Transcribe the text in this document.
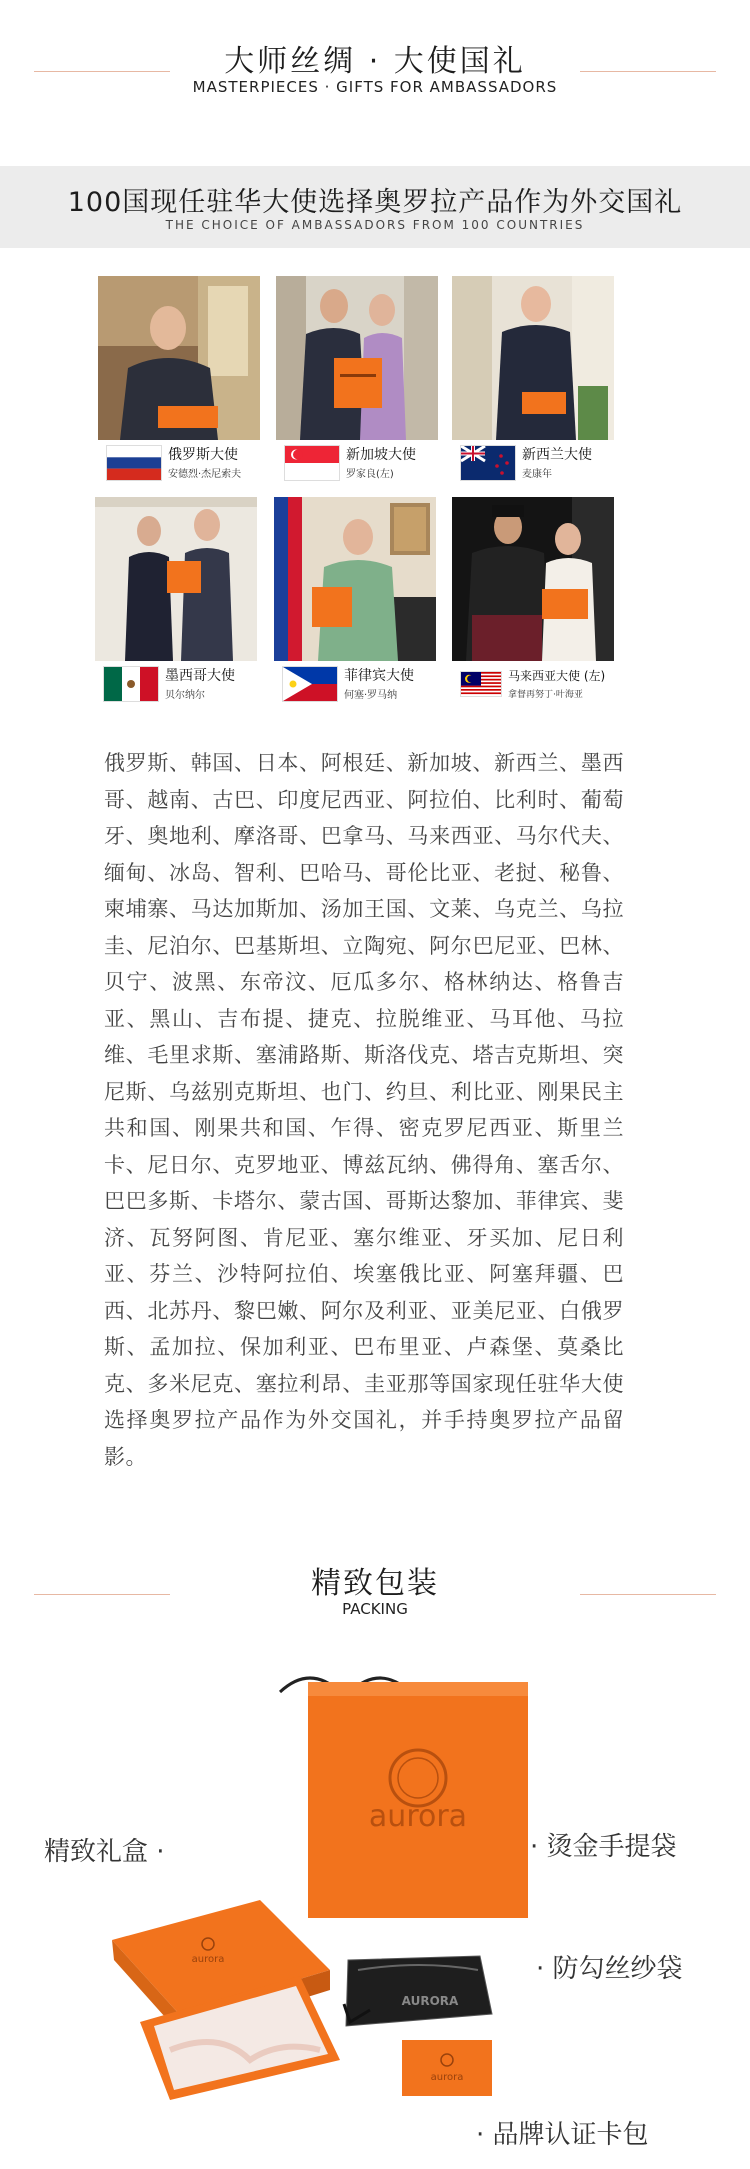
大师丝绸 · 大使国礼
MASTERPIECES · GIFTS FOR AMBASSADORS
100国现任驻华大使选择奥罗拉产品作为外交国礼
THE CHOICE OF AMBASSADORS FROM 100 COUNTRIES
俄罗斯大使
安德烈·杰尼索夫
新加坡大使
罗家良(左)
新西兰大使
麦康年
墨西哥大使
贝尔纳尔
菲律宾大使
何塞·罗马纳
马来西亚大使 (左)
拿督再努丁·叶海亚
俄罗斯、韩国、日本、阿根廷、新加坡、新西兰、墨西哥、越南、古巴、印度尼西亚、阿拉伯、比利时、葡萄牙、奥地利、摩洛哥、巴拿马、马来西亚、马尔代夫、缅甸、冰岛、智利、巴哈马、哥伦比亚、老挝、秘鲁、柬埔寨、马达加斯加、汤加王国、文莱、乌克兰、乌拉圭、尼泊尔、巴基斯坦、立陶宛、阿尔巴尼亚、巴林、贝宁、波黑、东帝汶、厄瓜多尔、格林纳达、格鲁吉亚、黑山、吉布提、捷克、拉脱维亚、马耳他、马拉维、毛里求斯、塞浦路斯、斯洛伐克、塔吉克斯坦、突尼斯、乌兹别克斯坦、也门、约旦、利比亚、刚果民主共和国、刚果共和国、乍得、密克罗尼西亚、斯里兰卡、尼日尔、克罗地亚、博兹瓦纳、佛得角、塞舌尔、巴巴多斯、卡塔尔、蒙古国、哥斯达黎加、菲律宾、斐济、瓦努阿图、肯尼亚、塞尔维亚、牙买加、尼日利亚、芬兰、沙特阿拉伯、埃塞俄比亚、阿塞拜疆、巴西、北苏丹、黎巴嫩、阿尔及利亚、亚美尼亚、白俄罗斯、孟加拉、保加利亚、巴布里亚、卢森堡、莫桑比克、多米尼克、塞拉利昂、圭亚那等国家现任驻华大使选择奥罗拉产品作为外交国礼，并手持奥罗拉产品留影。
精致包装
PACKING
aurora
aurora
AURORA
aurora
精致礼盒 ·	· 烫金手提袋
· 防勾丝纱袋
· 品牌认证卡包
